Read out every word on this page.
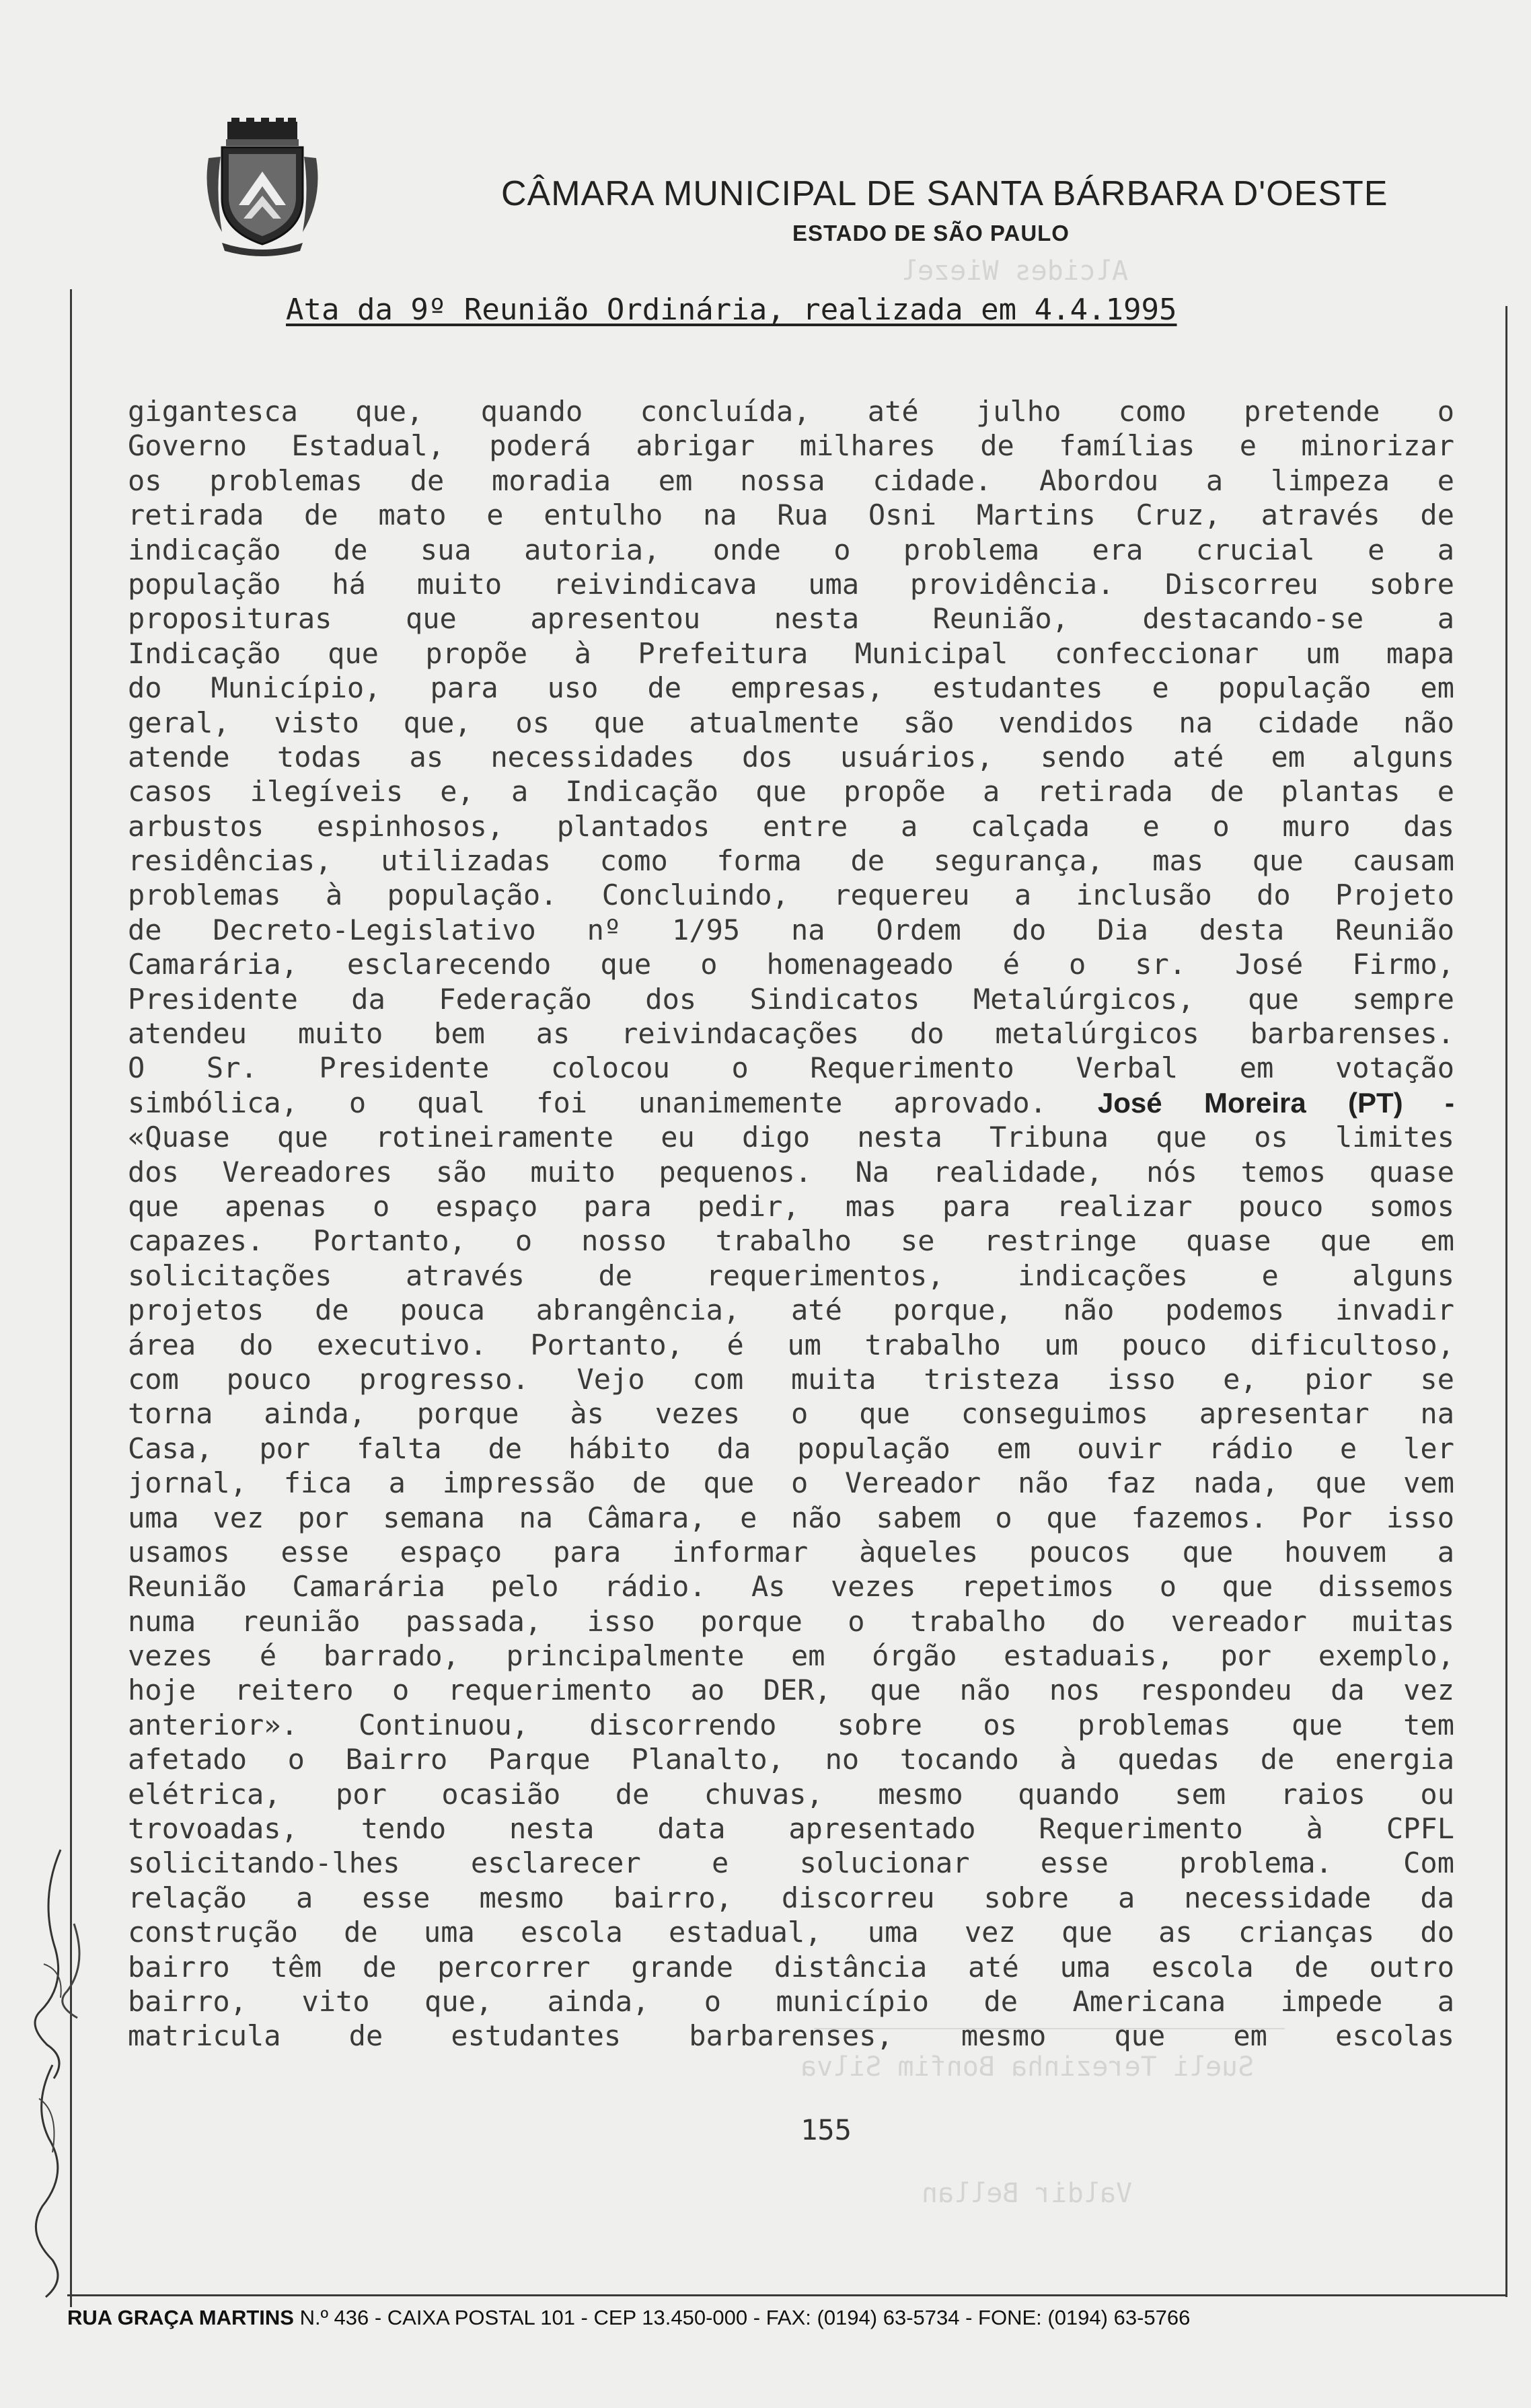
Alcides Wiezel
Sueli Terezinha Bonfim Silva
Valdir Bellan
CÂMARA MUNICIPAL DE SANTA BÁRBARA D'OESTE
ESTADO DE SÃO PAULO
Ata da 9º Reunião Ordinária, realizada em 4.4.1995
gigantesca que, quando concluída, até julho como pretende o
Governo Estadual, poderá abrigar milhares de famílias e minorizar
os problemas de moradia em nossa cidade. Abordou a limpeza e
retirada de mato e entulho na Rua Osni Martins Cruz, através de
indicação de sua autoria, onde o problema era crucial e a
população há muito reivindicava uma providência. Discorreu sobre
proposituras que apresentou nesta Reunião, destacando-se a
Indicação que propõe à Prefeitura Municipal confeccionar um mapa
do Município, para uso de empresas, estudantes e população em
geral, visto que, os que atualmente são vendidos na cidade não
atende todas as necessidades dos usuários, sendo até em alguns
casos ilegíveis e, a Indicação que propõe a retirada de plantas e
arbustos espinhosos, plantados entre a calçada e o muro das
residências, utilizadas como forma de segurança, mas que causam
problemas à população. Concluindo, requereu a inclusão do Projeto
de Decreto-Legislativo nº 1/95 na Ordem do Dia desta Reunião
Camarária, esclarecendo que o homenageado é o sr. José Firmo,
Presidente da Federação dos Sindicatos Metalúrgicos, que sempre
atendeu muito bem as reivindacações do metalúrgicos barbarenses.
O Sr. Presidente colocou o Requerimento Verbal em votação
simbólica, o qual foi unanimemente aprovado. José Moreira (PT) -
«Quase que rotineiramente eu digo nesta Tribuna que os limites
dos Vereadores são muito pequenos. Na realidade, nós temos quase
que apenas o espaço para pedir, mas para realizar pouco somos
capazes. Portanto, o nosso trabalho se restringe quase que em
solicitações através de requerimentos, indicações e alguns
projetos de pouca abrangência, até porque, não podemos invadir
área do executivo. Portanto, é um trabalho um pouco dificultoso,
com pouco progresso. Vejo com muita tristeza isso e, pior se
torna ainda, porque às vezes o que conseguimos apresentar na
Casa, por falta de hábito da população em ouvir rádio e ler
jornal, fica a impressão de que o Vereador não faz nada, que vem
uma vez por semana na Câmara, e não sabem o que fazemos. Por isso
usamos esse espaço para informar àqueles poucos que houvem a
Reunião Camarária pelo rádio. As vezes repetimos o que dissemos
numa reunião passada, isso porque o trabalho do vereador muitas
vezes é barrado, principalmente em órgão estaduais, por exemplo,
hoje reitero o requerimento ao DER, que não nos respondeu da vez
anterior». Continuou, discorrendo sobre os problemas que tem
afetado o Bairro Parque Planalto, no tocando à quedas de energia
elétrica, por ocasião de chuvas, mesmo quando sem raios ou
trovoadas, tendo nesta data apresentado Requerimento à CPFL
solicitando-lhes esclarecer e solucionar esse problema. Com
relação a esse mesmo bairro, discorreu sobre a necessidade da
construção de uma escola estadual, uma vez que as crianças do
bairro têm de percorrer grande distância até uma escola de outro
bairro, vito que, ainda, o município de Americana impede a
matricula de estudantes barbarenses, mesmo que em escolas
155
RUA GRAÇA MARTINS N.º 436 - CAIXA POSTAL 101 - CEP 13.450-000 - FAX: (0194) 63-5734 - FONE: (0194) 63-5766
